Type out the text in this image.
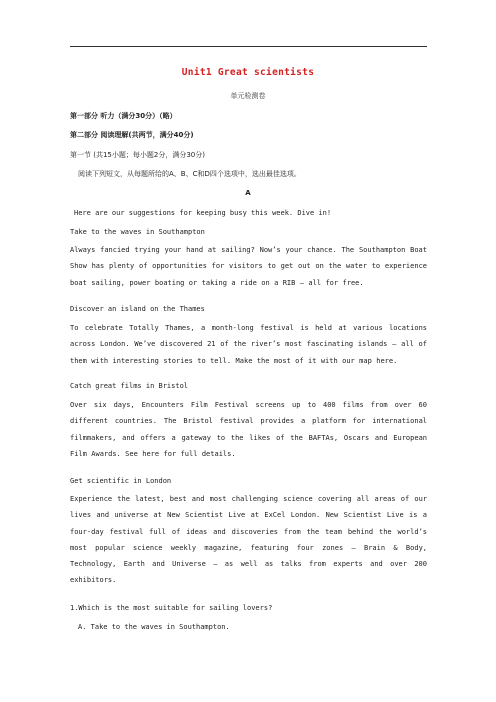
Unit1 Great scientists
单元检测卷
第一部分 听力（满分30分）（略）
第二部分 阅读理解(共两节，满分40分)
第一节 (共15小题；每小题2分，满分30分)
阅读下列短文，从每题所给的A、B、C和D四个选项中，选出最佳选项。
A
Here are our suggestions for keeping busy this week. Dive in!
Take to the waves in Southampton
Always fancied trying your hand at sailing? Now’s your chance. The Southampton Boat Show has plenty of opportunities for visitors to get out on the water to experience boat sailing, power boating or taking a ride on a RIB — all for free.
Discover an island on the Thames
To celebrate Totally Thames, a month-long festival is held at various locations across London. We’ve discovered 21 of the river’s most fascinating islands — all of them with interesting stories to tell. Make the most of it with our map here.
Catch great films in Bristol
Over six days, Encounters Film Festival screens up to 400 films from over 60 different countries. The Bristol festival provides a platform for international filmmakers, and offers a gateway to the likes of the BAFTAs, Oscars and European Film Awards. See here for full details.
Get scientific in London
Experience the latest, best and most challenging science covering all areas of our lives and universe at New Scientist Live at ExCel London. New Scientist Live is a four-day festival full of ideas and discoveries from the team behind the world’s most popular science weekly magazine, featuring four zones — Brain & Body, Technology, Earth and Universe — as well as talks from experts and over 200 exhibitors.
1.Which is the most suitable for sailing lovers?
A. Take to the waves in Southampton.
